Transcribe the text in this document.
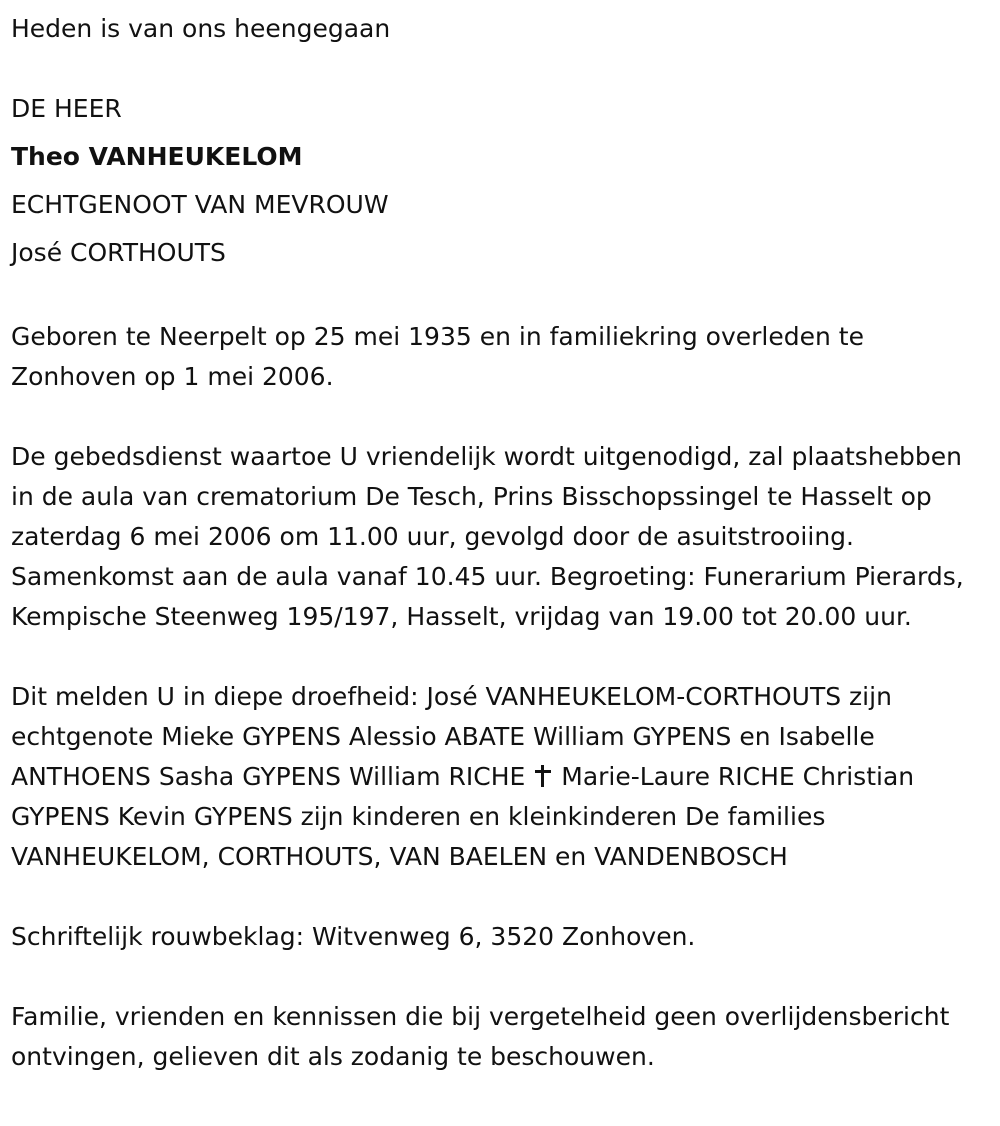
Heden is van ons heengegaan
DE HEER
Theo VANHEUKELOM
ECHTGENOOT VAN MEVROUW
José CORTHOUTS

Geboren te Neerpelt op 25 mei 1935 en in familiekring overleden te Zonhoven op 1 mei 2006.

De gebedsdienst waartoe U vriendelijk wordt uitgenodigd, zal plaatshebben in de aula van crematorium De Tesch, Prins Bisschopssingel te Hasselt op zaterdag 6 mei 2006 om 11.00 uur, gevolgd door de asuitstrooiing. Samenkomst aan de aula vanaf 10.45 uur. Begroeting: Funerarium Pierards, Kempische Steenweg 195/197, Hasselt, vrijdag van 19.00 tot 20.00 uur.

Dit melden U in diepe droefheid: José VANHEUKELOM-CORTHOUTS zijn echtgenote Mieke GYPENS Alessio ABATE William GYPENS en Isabelle ANTHOENS Sasha GYPENS William RICHE Marie-Laure RICHE Christian GYPENS Kevin GYPENS zijn kinderen en kleinkinderen De families VANHEUKELOM, CORTHOUTS, VAN BAELEN en VANDENBOSCH

Schriftelijk rouwbeklag: Witvenweg 6, 3520 Zonhoven.

Familie, vrienden en kennissen die bij vergetelheid geen overlijdensbericht ontvingen, gelieven dit als zodanig te beschouwen.
